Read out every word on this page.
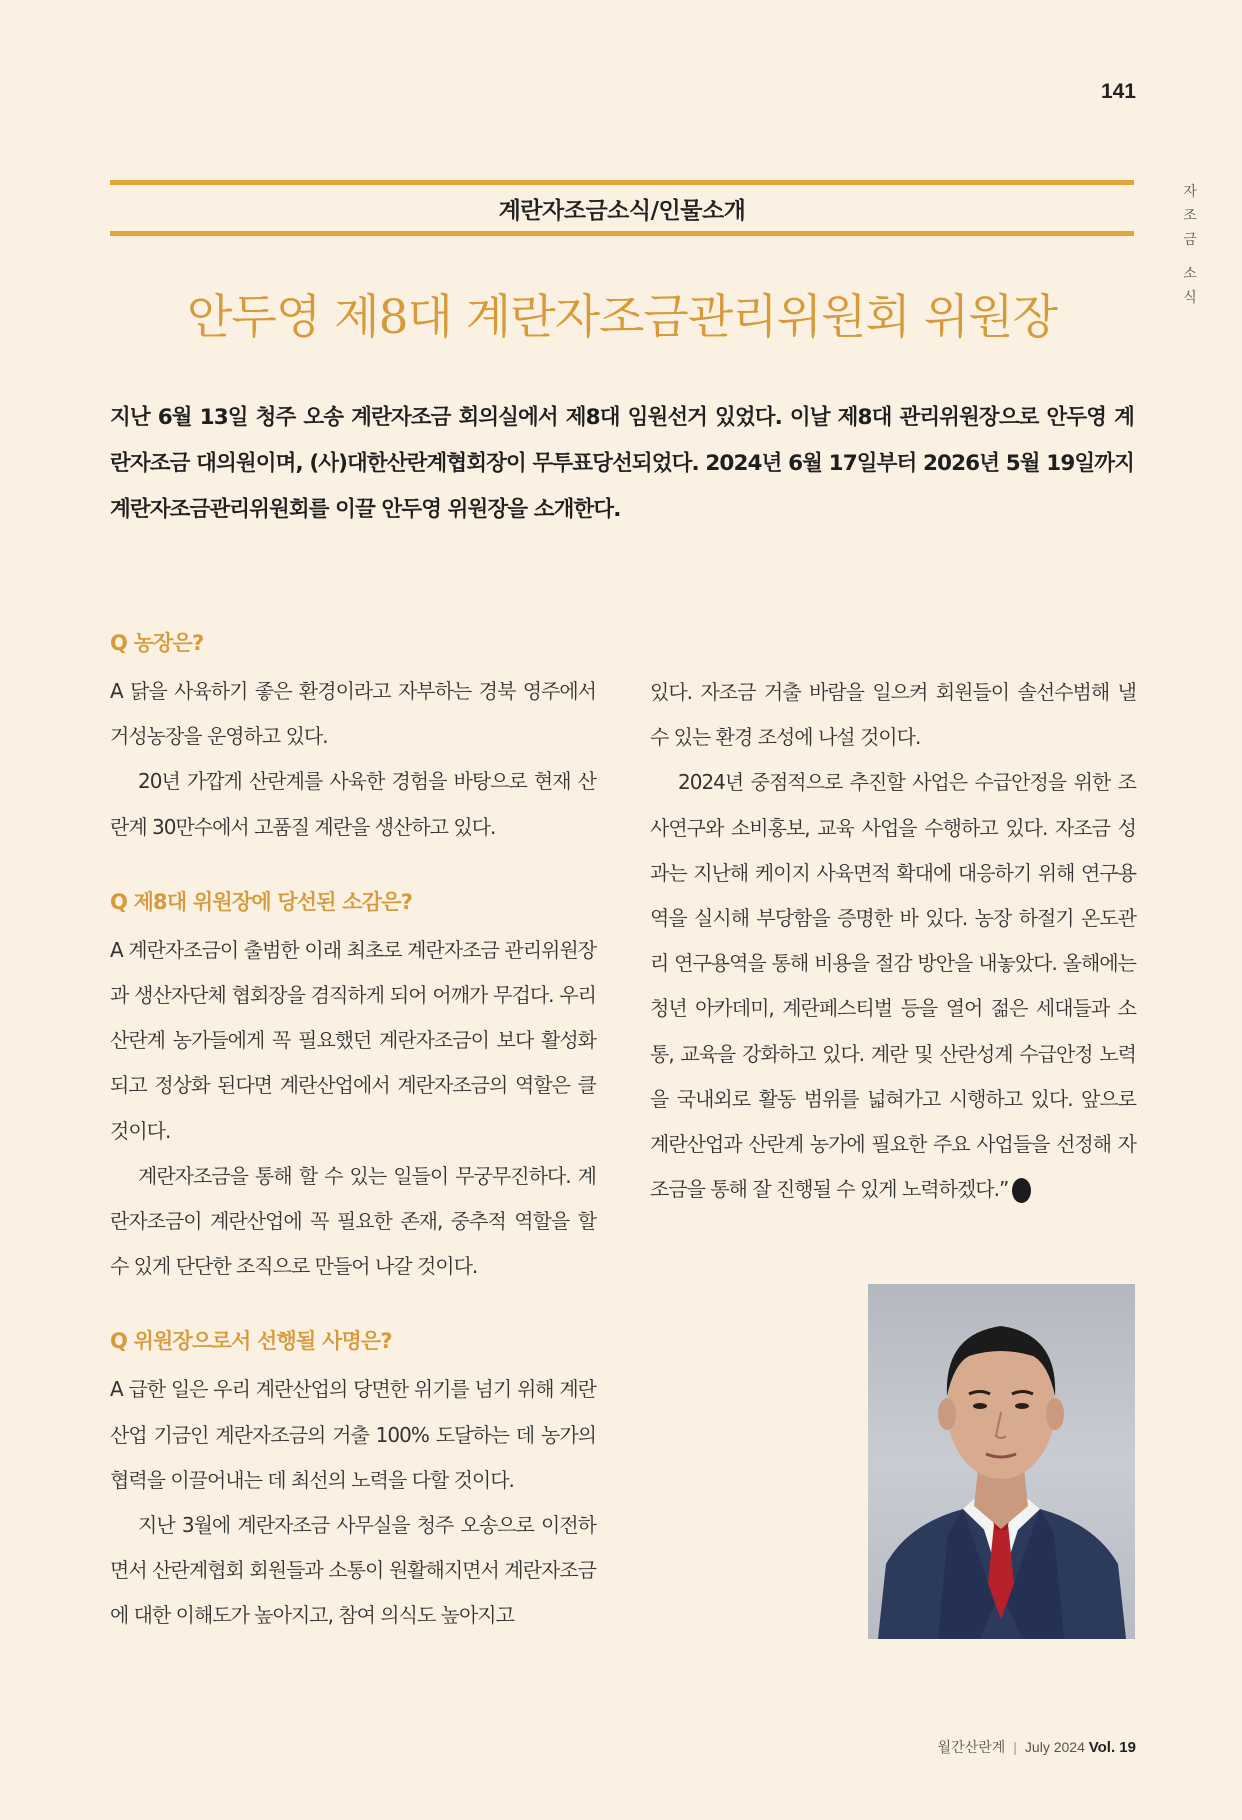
141
자
조
금
소
식
계란자조금소식/인물소개
안두영 제8대 계란자조금관리위원회 위원장
지난 6월 13일 청주 오송 계란자조금 회의실에서 제8대 임원선거 있었다. 이날 제8대 관리위원장으로 안두영 계란자조금 대의원이며, (사)대한산란계협회장이 무투표당선되었다. 2024년 6월 17일부터 2026년 5월 19일까지 계란자조금관리위원회를 이끌 안두영 위원장을 소개한다.
Q 농장은?
A 닭을 사육하기 좋은 환경이라고 자부하는 경북 영주에서 거성농장을 운영하고 있다.
20년 가깝게 산란계를 사육한 경험을 바탕으로 현재 산란계 30만수에서 고품질 계란을 생산하고 있다.
Q 제8대 위원장에 당선된 소감은?
A 계란자조금이 출범한 이래 최초로 계란자조금 관리위원장과 생산자단체 협회장을 겸직하게 되어 어깨가 무겁다. 우리 산란계 농가들에게 꼭 필요했던 계란자조금이 보다 활성화되고 정상화 된다면 계란산업에서 계란자조금의 역할은 클 것이다.
계란자조금을 통해 할 수 있는 일들이 무궁무진하다. 계란자조금이 계란산업에 꼭 필요한 존재, 중추적 역할을 할 수 있게 단단한 조직으로 만들어 나갈 것이다.
Q 위원장으로서 선행될 사명은?
A 급한 일은 우리 계란산업의 당면한 위기를 넘기 위해 계란산업 기금인 계란자조금의 거출 100% 도달하는 데 농가의 협력을 이끌어내는 데 최선의 노력을 다할 것이다.
지난 3월에 계란자조금 사무실을 청주 오송으로 이전하면서 산란계협회 회원들과 소통이 원활해지면서 계란자조금에 대한 이해도가 높아지고, 참여 의식도 높아지고
있다. 자조금 거출 바람을 일으켜 회원들이 솔선수범해 낼 수 있는 환경 조성에 나설 것이다.
2024년 중점적으로 추진할 사업은 수급안정을 위한 조사연구와 소비홍보, 교육 사업을 수행하고 있다. 자조금 성과는 지난해 케이지 사육면적 확대에 대응하기 위해 연구용역을 실시해 부당함을 증명한 바 있다. 농장 하절기 온도관리 연구용역을 통해 비용을 절감 방안을 내놓았다. 올해에는 청년 아카데미, 계란페스티벌 등을 열어 젊은 세대들과 소통, 교육을 강화하고 있다. 계란 및 산란성계 수급안정 노력을 국내외로 활동 범위를 넓혀가고 시행하고 있다. 앞으로 계란산업과 산란계 농가에 필요한 주요 사업들을 선정해 자조금을 통해 잘 진행될 수 있게 노력하겠다.”
월간산란계 | July 2024 Vol. 19
